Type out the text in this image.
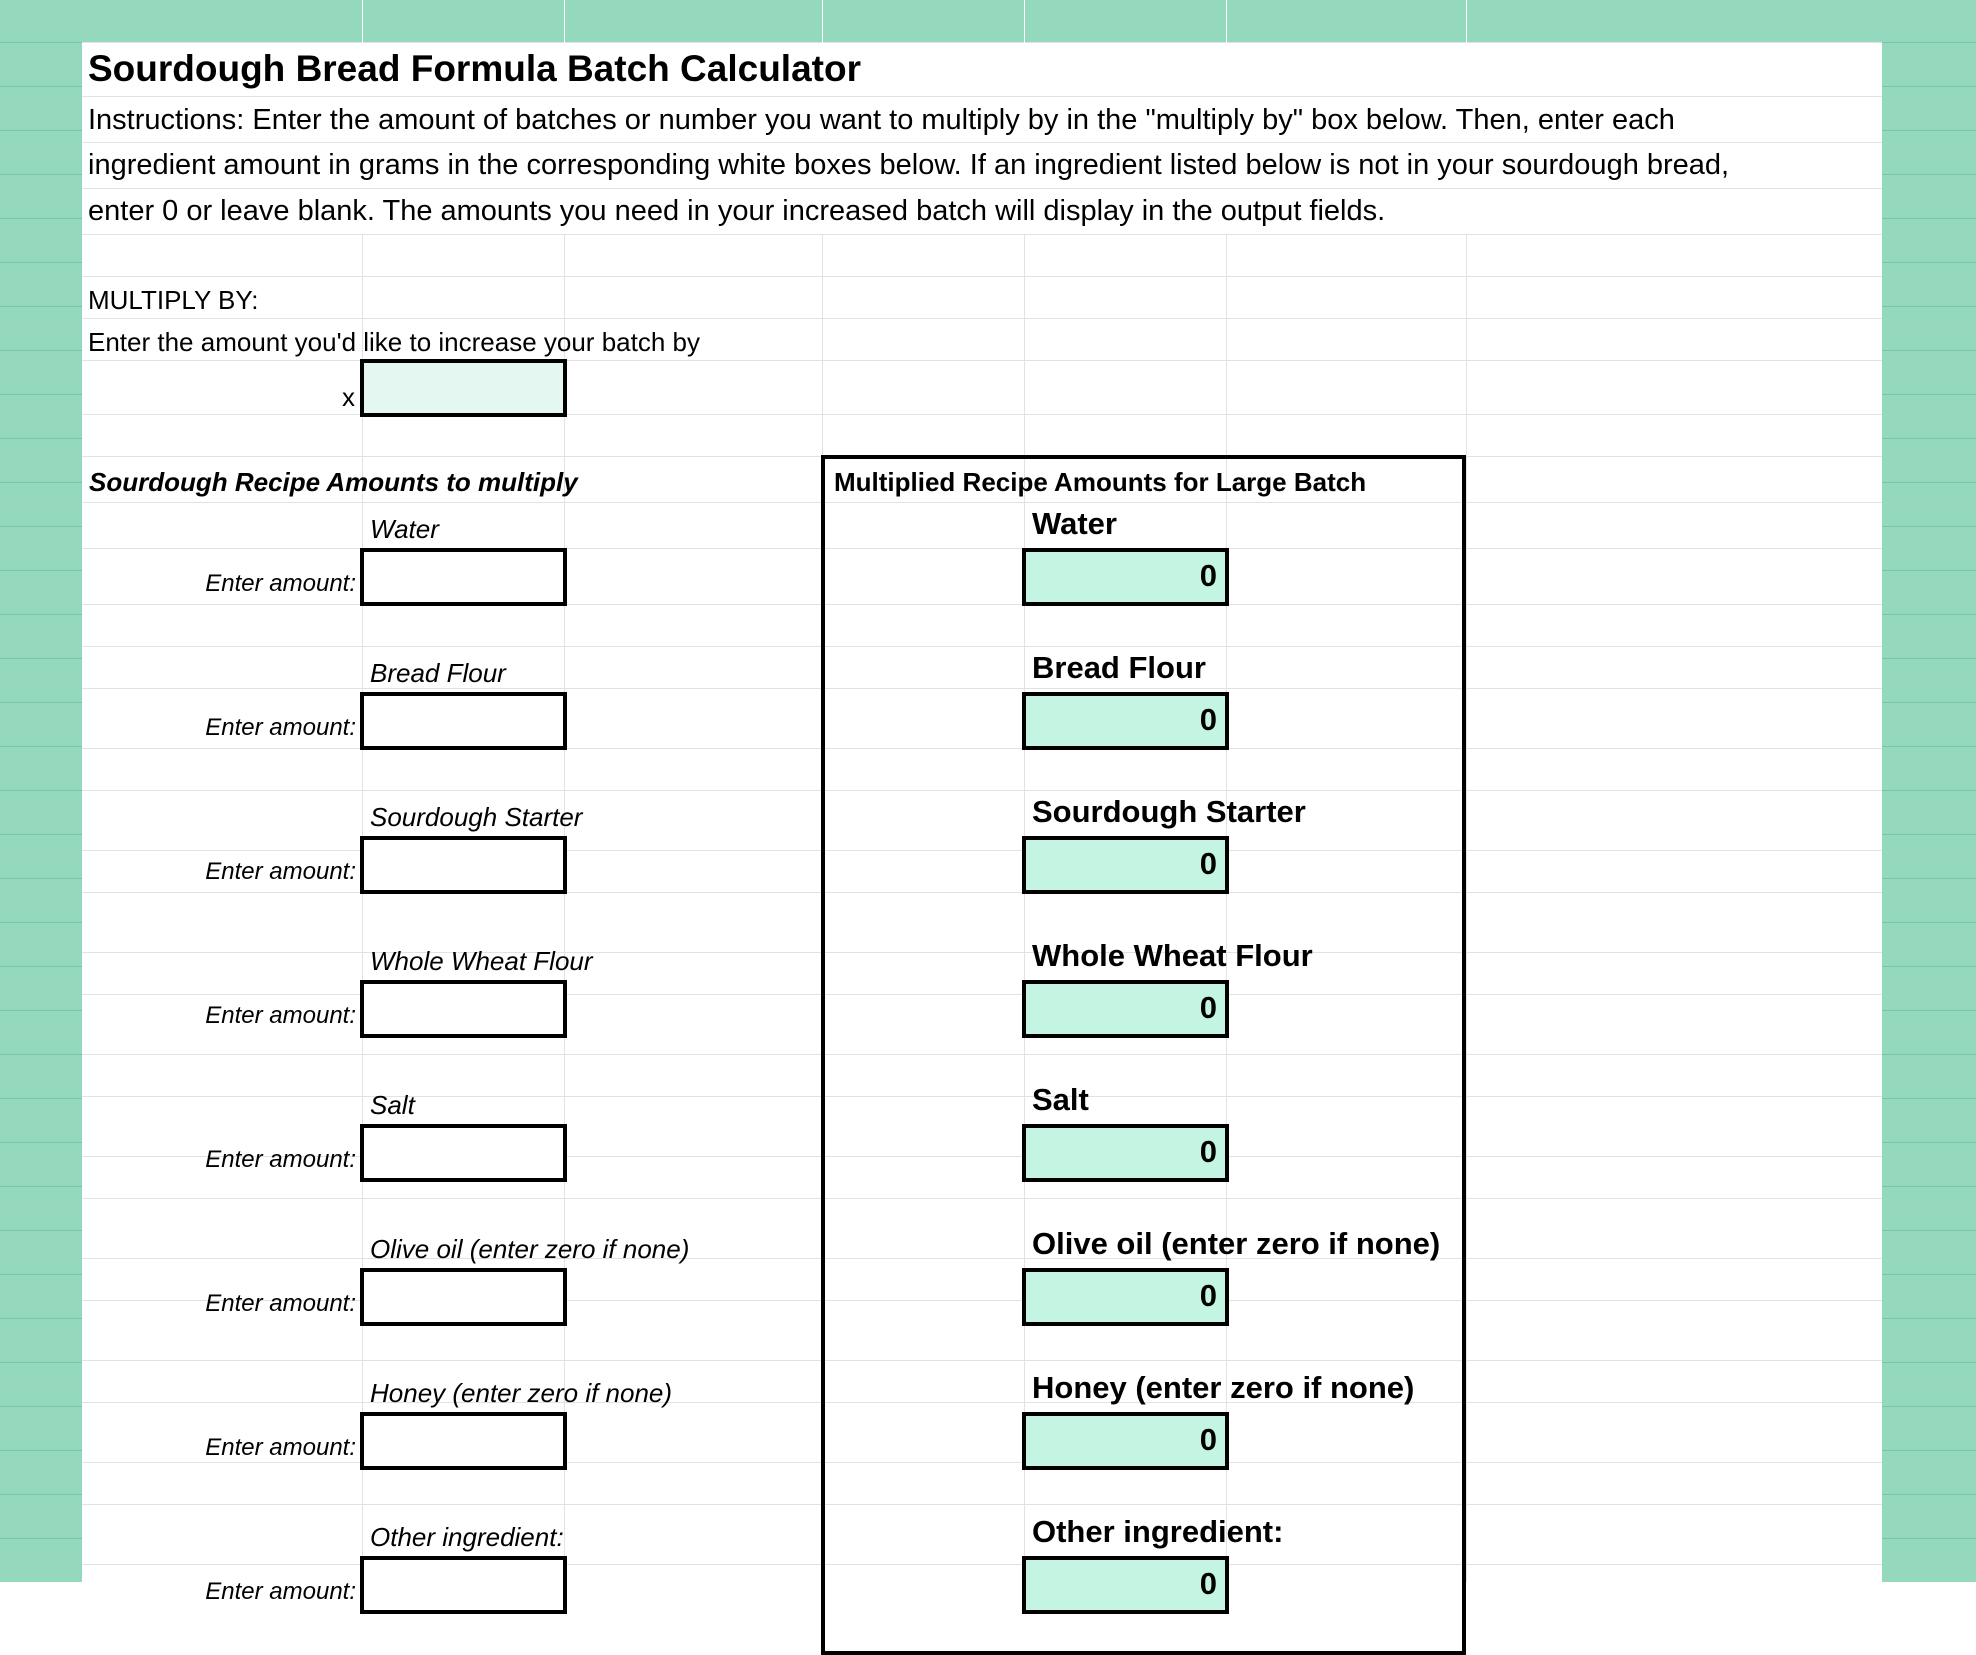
Sourdough Bread Formula Batch Calculator
Instructions: Enter the amount of batches or number you want to multiply by in the "multiply by" box below. Then, enter each
ingredient amount in grams in the corresponding white boxes below. If an ingredient listed below is not in your sourdough bread,
enter 0 or leave blank. The amounts you need in your increased batch will display in the output fields.
MULTIPLY BY:
Enter the amount you'd like to increase your batch by
x
Sourdough Recipe Amounts to multiply	Multiplied Recipe Amounts for Large Batch
Water
Enter amount:
Bread Flour
Enter amount:
Sourdough Starter
Enter amount:
Whole Wheat Flour
Enter amount:
Salt
Enter amount:
Olive oil (enter zero if none)
Enter amount:
Honey (enter zero if none)
Enter amount:
Other ingredient:
Enter amount:
Water
0
Bread Flour
0
Sourdough Starter
0
Whole Wheat Flour
0
Salt
0
Olive oil (enter zero if none)
0
Honey (enter zero if none)
0
Other ingredient:
0
